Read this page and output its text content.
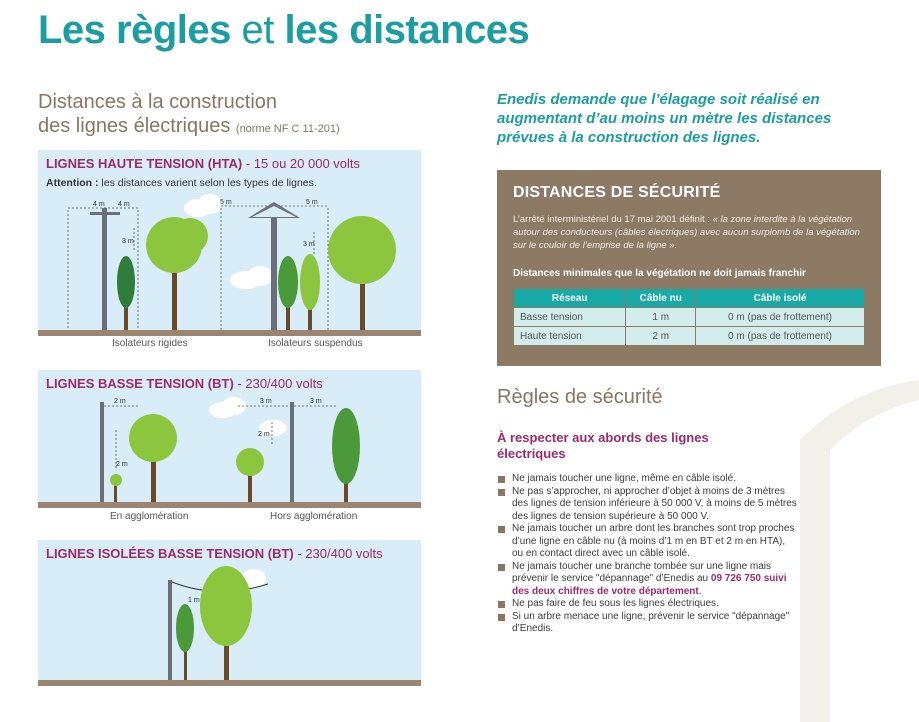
Les règles et les distances
Distances à la construction
des lignes électriques (norme NF C 11-201)
LIGNES HAUTE TENSION (HTA) - 15 ou 20 000 volts
Attention : les distances varient selon les types de lignes.
4 m 4 m
3 m
5 m	5 m
3 m
Isolateurs rigides	Isolateurs suspendus
LIGNES BASSE TENSION (BT) - 230/400 volts
2 m
2 m
3 m	3 m
2 m
En agglomération	Hors agglomération
LIGNES ISOLÉES BASSE TENSION (BT) - 230/400 volts
1 m
Enedis demande que l’élagage soit réalisé en augmentant d’au moins un mètre les distances prévues à la construction des lignes.
DISTANCES DE SÉCURITÉ
L’arrêté interministériel du 17 mai 2001 définit : « la zone interdite à la végétation autour des conducteurs (câbles électriques) avec aucun surplomb de la végétation sur le couloir de l’emprise de la ligne ».
Distances minimales que la végétation ne doit jamais franchir
Réseau	Câble nu	Câble isolé
Basse tension	1 m	0 m (pas de frottement)
Haute tension	2 m	0 m (pas de frottement)
Règles de sécurité
À respecter aux abords des lignes électriques
Ne jamais toucher une ligne, même en câble isolé.
Ne pas s’approcher, ni approcher d’objet à moins de 3 mètres des lignes de tension inférieure à 50 000 V, à moins de 5 mètres des lignes de tension supérieure à 50 000 V.
Ne jamais toucher un arbre dont les branches sont trop proches d’une ligne en câble nu (à moins d’1 m en BT et 2 m en HTA), ou en contact direct avec un câble isolé.
Ne jamais toucher une branche tombée sur une ligne mais prévenir le service "dépannage" d’Enedis au 09 726 750 suivi des deux chiffres de votre département.
Ne pas faire de feu sous les lignes électriques.
Si un arbre menace une ligne, prévenir le service "dépannage" d’Enedis.
